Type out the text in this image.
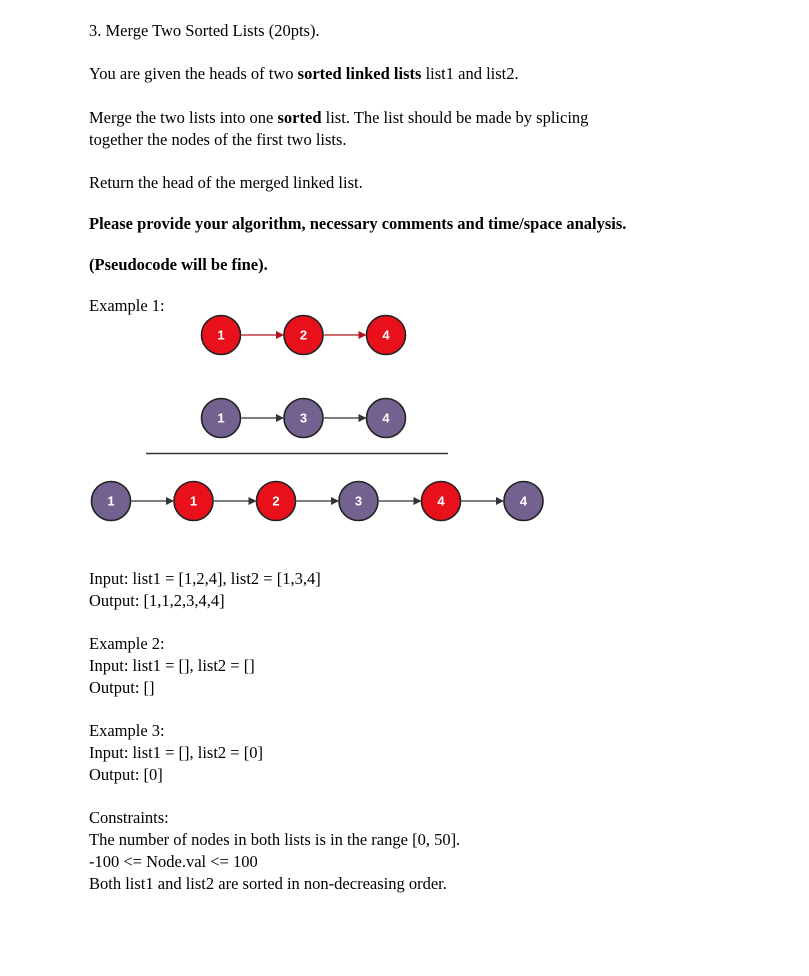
3. Merge Two Sorted Lists (20pts).
You are given the heads of two sorted linked lists list1 and list2.
Merge the two lists into one sorted list. The list should be made by splicing
together the nodes of the first two lists.
Return the head of the merged linked list.
Please provide your algorithm, necessary comments and time/space analysis.
(Pseudocode will be fine).
Example 1:
1	2	4
1	3	4
1	1	2	3	4	4
Input: list1 = [1,2,4], list2 = [1,3,4]
Output: [1,1,2,3,4,4]
Example 2:
Input: list1 = [], list2 = []
Output: []
Example 3:
Input: list1 = [], list2 = [0]
Output: [0]
Constraints:
The number of nodes in both lists is in the range [0, 50].
-100 <= Node.val <= 100
Both list1 and list2 are sorted in non-decreasing order.
